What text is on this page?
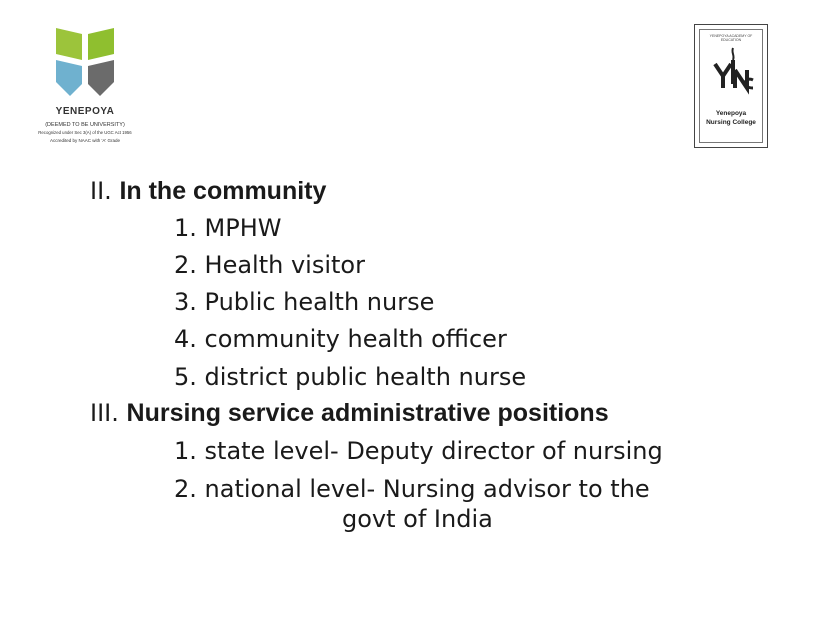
YENEPOYA
(DEEMED TO BE UNIVERSITY)
Recognized under Sec 3(A) of the UGC Act 1956
Accredited by NAAC with 'A' Grade
YENEPOYA ACADEMY OF EDUCATION
Yenepoya
Nursing College
II. In the community
1. MPHW
2. Health visitor
3. Public health nurse
4. community health officer
5. district public health nurse
III. Nursing service administrative positions
1. state level- Deputy director of nursing
2. national level- Nursing advisor to the
govt of India
